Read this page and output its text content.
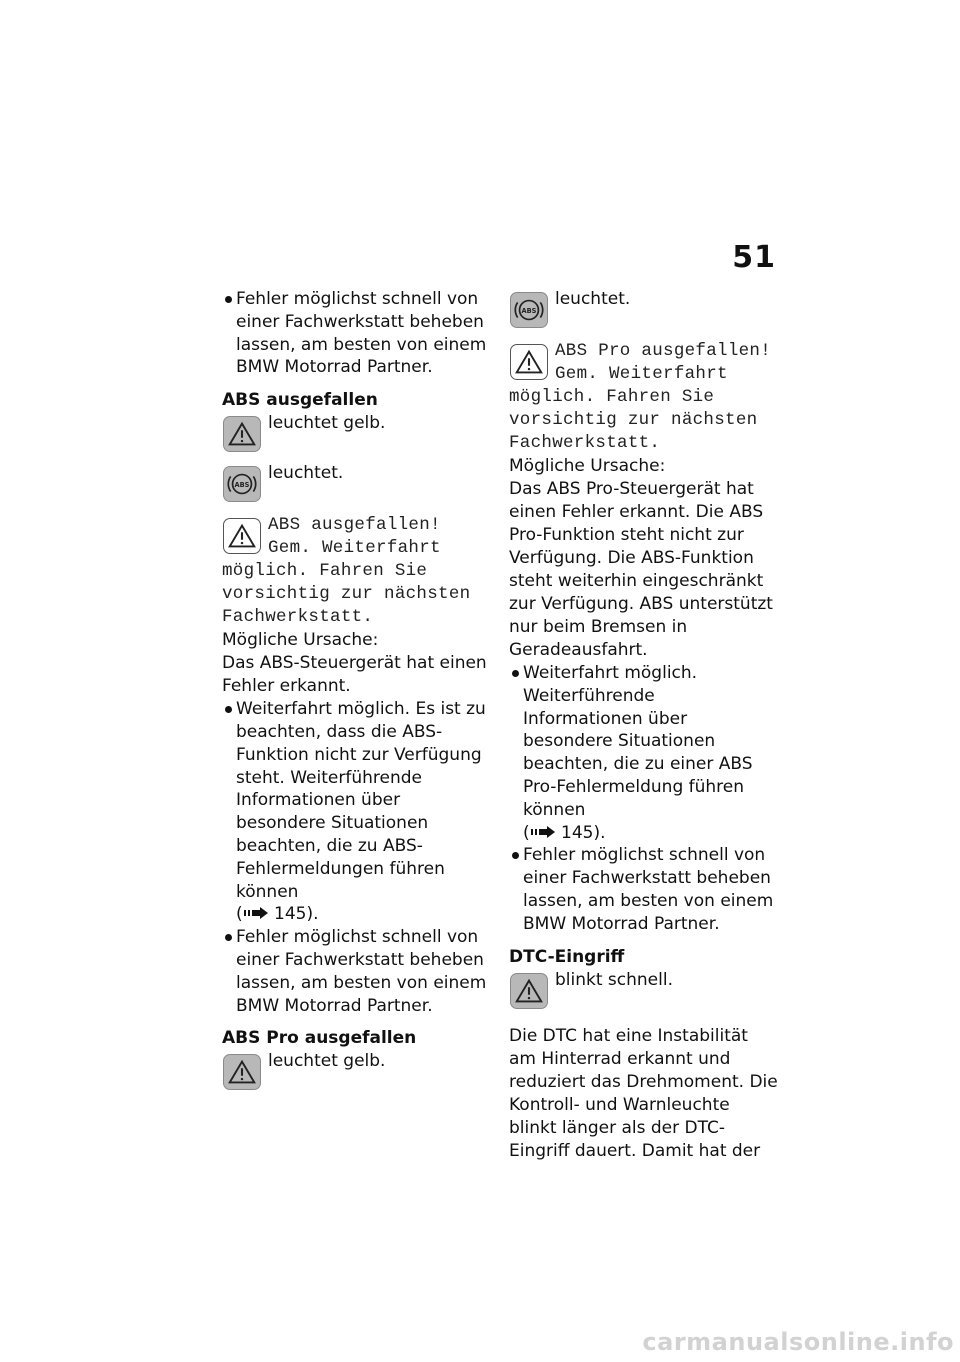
51
Fehler möglichst schnell von einer Fachwerkstatt beheben lassen, am besten von einem BMW Motorrad Partner.
ABS ausgefallen
leuchtet gelb.
ABS
leuchtet.
ABS ausgefallen!
Gem. Weiterfahrt
möglich. Fahren Sie
vorsichtig zur nächsten
Fachwerkstatt.

Mögliche Ursache:

Das ABS-Steuergerät hat einen Fehler erkannt.

Weiterfahrt möglich. Es ist zu beachten, dass die ABS-Funktion nicht zur Verfügung steht. Weiterführende Informationen über besondere Situationen beachten, die zu ABS-Fehlermeldungen führen können
( 145).
Fehler möglichst schnell von einer Fachwerkstatt beheben lassen, am besten von einem BMW Motorrad Partner.
ABS Pro ausgefallen
leuchtet gelb.
ABS
leuchtet.
ABS Pro ausgefallen!
Gem. Weiterfahrt
möglich. Fahren Sie
vorsichtig zur nächsten
Fachwerkstatt.

Mögliche Ursache:

Das ABS Pro-Steuergerät hat einen Fehler erkannt. Die ABS Pro-Funktion steht nicht zur Verfügung. Die ABS-Funktion steht weiterhin eingeschränkt zur Verfügung. ABS unterstützt nur beim Bremsen in Geradeausfahrt.

Weiterfahrt möglich. Weiterführende Informationen über besondere Situationen beachten, die zu einer ABS Pro-Fehlermeldung führen können
( 145).
Fehler möglichst schnell von einer Fachwerkstatt beheben lassen, am besten von einem BMW Motorrad Partner.
DTC-Eingriff
blinkt schnell.

Die DTC hat eine Instabilität am Hinterrad erkannt und reduziert das Drehmoment. Die Kontroll- und Warnleuchte blinkt länger als der DTC-Eingriff dauert. Damit hat der

carmanualsonline.info
